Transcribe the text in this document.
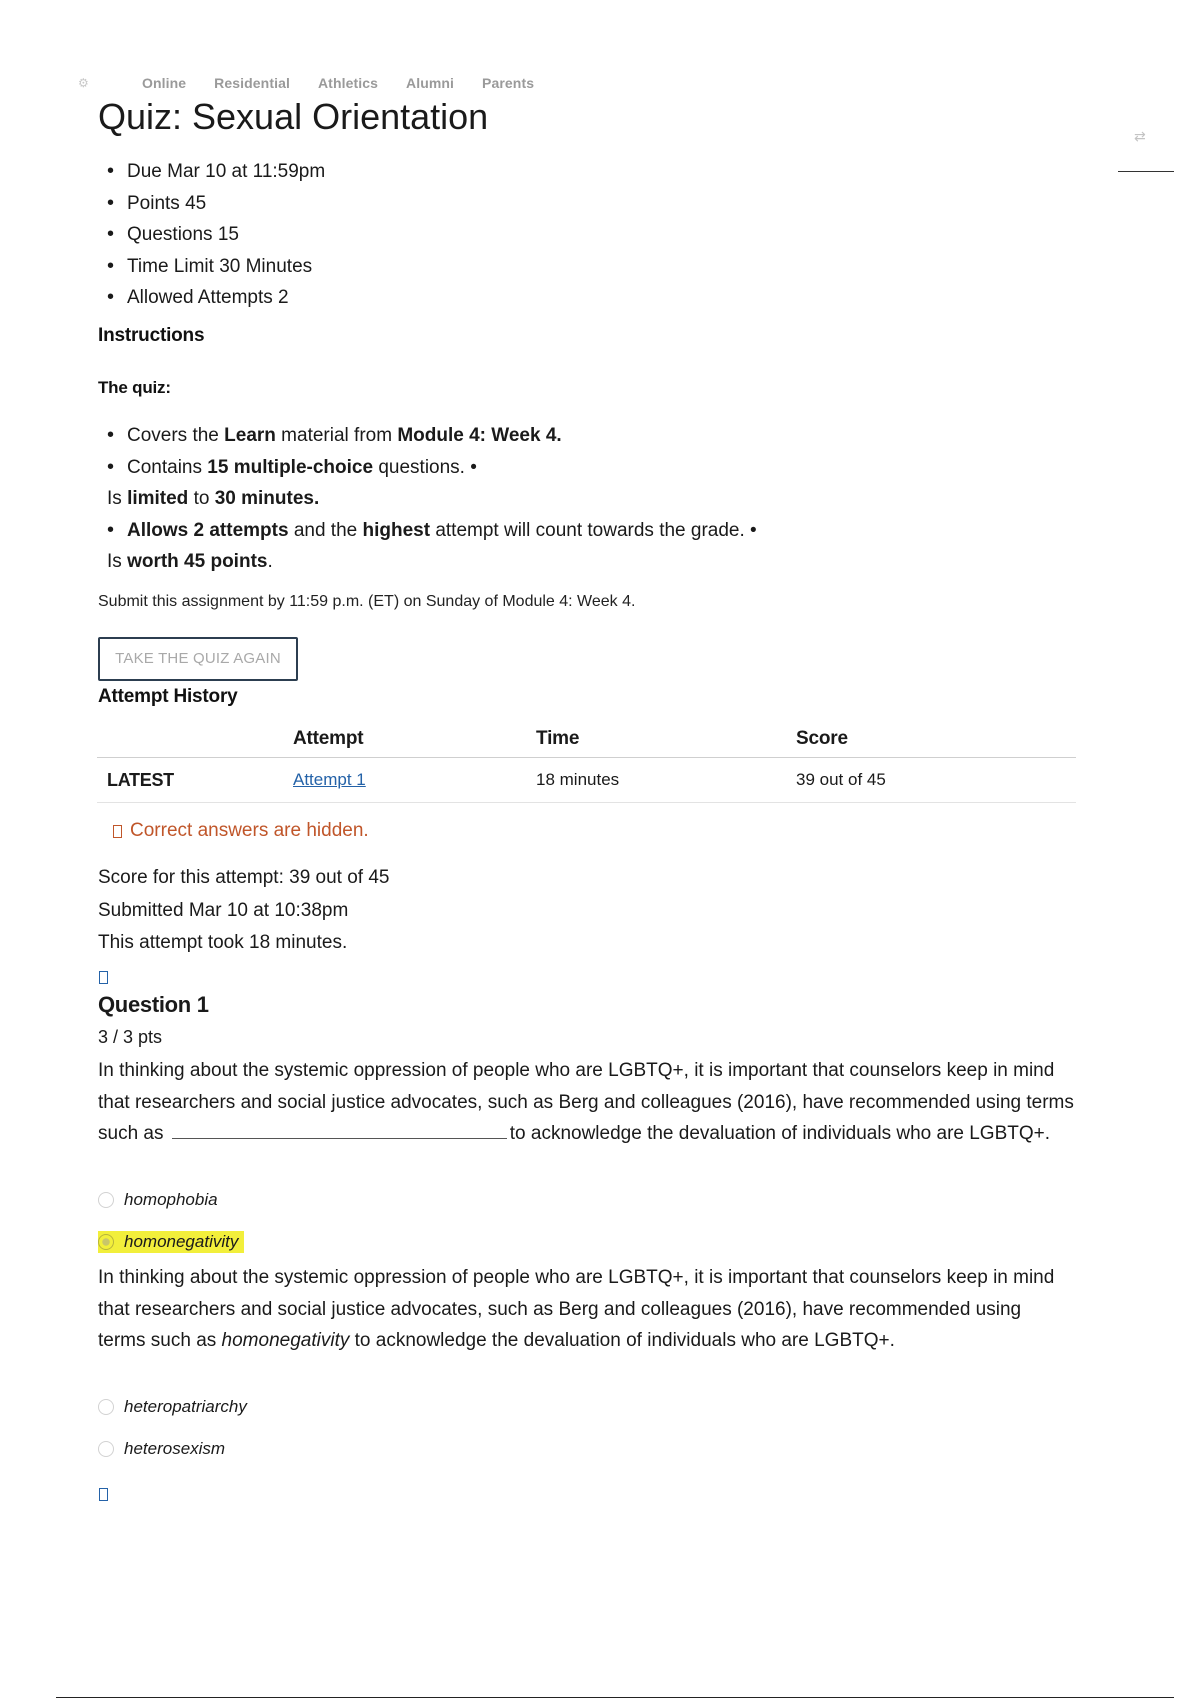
⚙	Online Residential Athletics Alumni Parents
Quiz: Sexual Orientation	⇄
• Due Mar 10 at 11:59pm
• Points 45
• Questions 15
• Time Limit 30 Minutes
• Allowed Attempts 2
Instructions
The quiz:
• Covers the Learn material from Module 4: Week 4.
• Contains 15 multiple-choice questions. •
Is limited to 30 minutes.
• Allows 2 attempts and the highest attempt will count towards the grade. •
Is worth 45 points.
Submit this assignment by 11:59 p.m. (ET) on Sunday of Module 4: Week 4.
TAKE THE QUIZ AGAIN
Attempt History
	Attempt	Time	Score
LATEST	Attempt 1	18 minutes	39 out of 45
Correct answers are hidden.
Score for this attempt: 39 out of 45
Submitted Mar 10 at 10:38pm
This attempt took 18 minutes.
Question 1
3 / 3 pts

In thinking about the systemic oppression of people who are LGBTQ+, it is important that counselors keep in mind that researchers and social justice advocates, such as Berg and colleagues (2016), have recommended using terms such as	to acknowledge the devaluation of individuals who are LGBTQ+.

homophobia
homonegativity

In thinking about the systemic oppression of people who are LGBTQ+, it is important that counselors keep in mind that researchers and social justice advocates, such as Berg and colleagues (2016), have recommended using terms such as homonegativity to acknowledge the devaluation of individuals who are LGBTQ+.

heteropatriarchy
heterosexism
